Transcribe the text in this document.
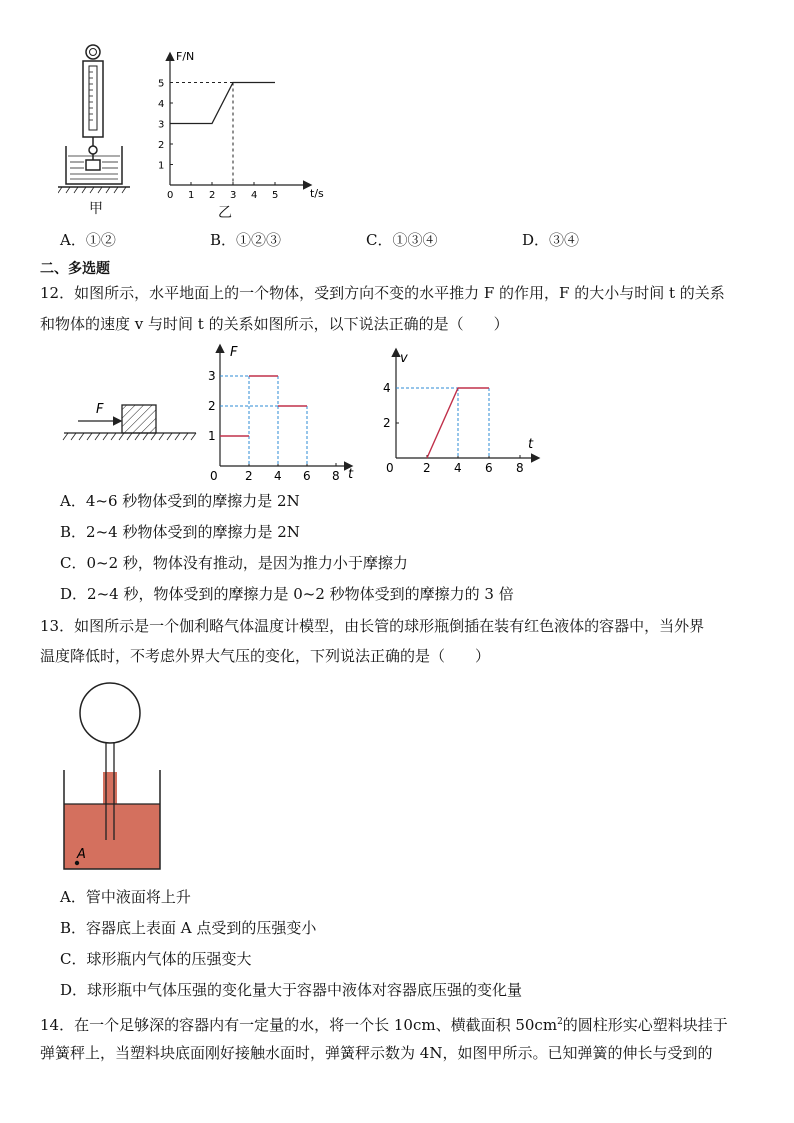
甲
F/N
t/s
0 1 2 3 4 5
1
2
3
4
5
乙
A．①②	B．①②③	C．①③④	D．③④
二、多选题
12．如图所示，水平地面上的一个物体，受到方向不变的水平推力 F 的作用，F 的大小与时间 t 的关系
和物体的速度 v 与时间 t 的关系如图所示，以下说法正确的是（　　）
F
F
t
0 2 4 6 8
1
2
3
v
t
0 2 4 6 8
2
4
A．4~6 秒物体受到的摩擦力是 2N
B．2~4 秒物体受到的摩擦力是 2N
C．0~2 秒，物体没有推动，是因为推力小于摩擦力
D．2~4 秒，物体受到的摩擦力是 0~2 秒物体受到的摩擦力的 3 倍
13．如图所示是一个伽利略气体温度计模型，由长管的球形瓶倒插在装有红色液体的容器中，当外界
温度降低时，不考虑外界大气压的变化，下列说法正确的是（　　）
A
A．管中液面将上升
B．容器底上表面 A 点受到的压强变小
C．球形瓶内气体的压强变大
D．球形瓶中气体压强的变化量大于容器中液体对容器底压强的变化量
14．在一个足够深的容器内有一定量的水，将一个长 10cm、横截面积 $50cm^2$的圆柱形实心塑料块挂于
弹簧秤上，当塑料块底面刚好接触水面时，弹簧秤示数为 4N，如图甲所示。已知弹簧的伸长与受到的
